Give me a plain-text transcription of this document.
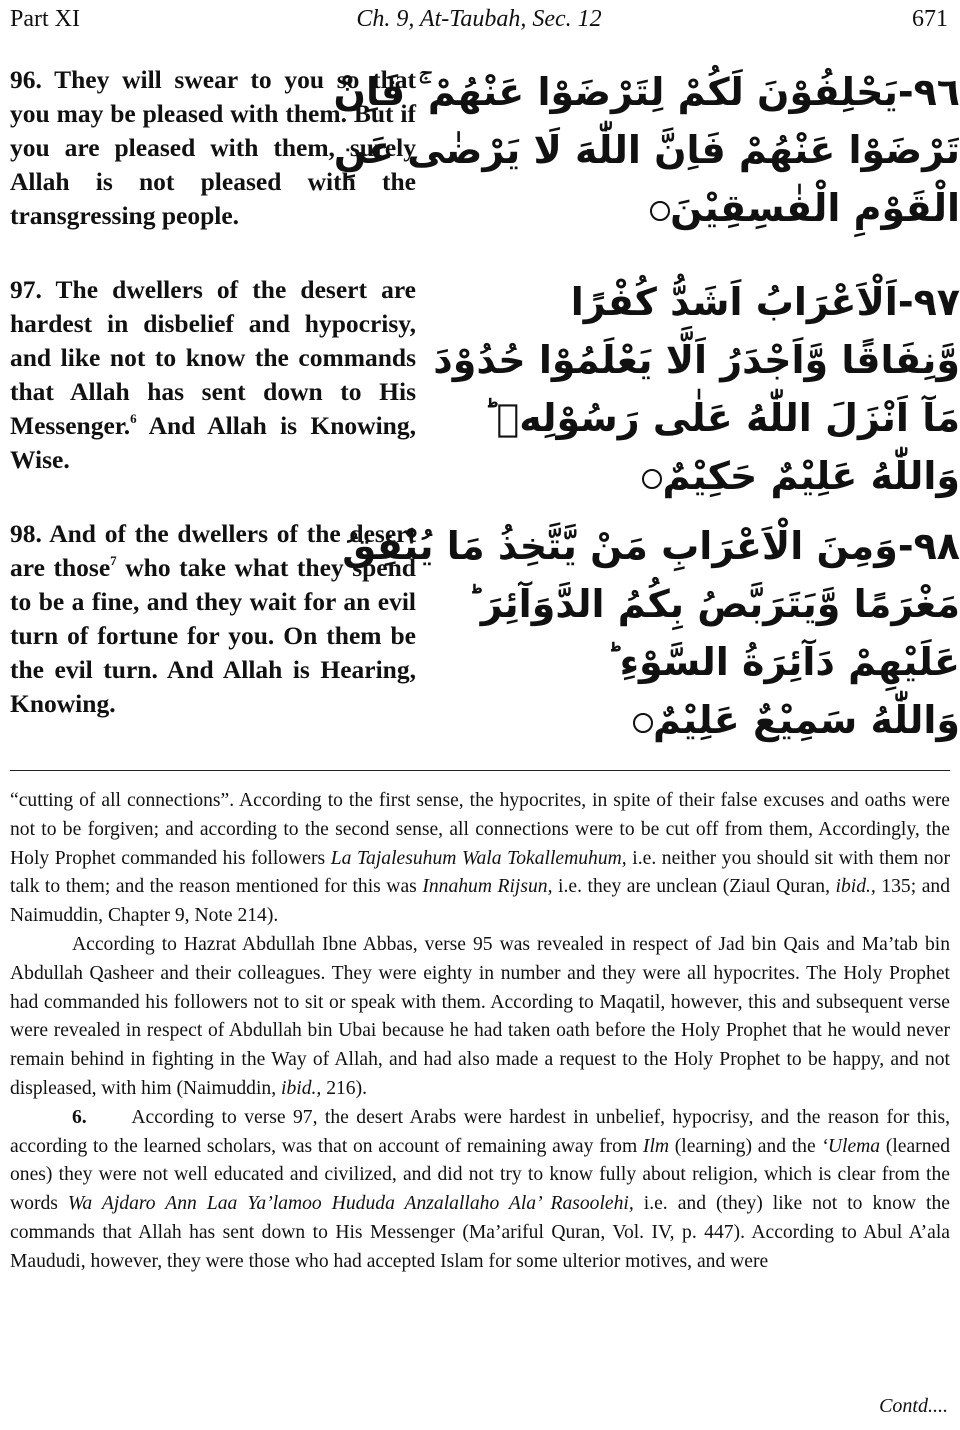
Part XI	Ch. 9, At-Taubah, Sec. 12	671
96. They will swear to you so that you may be pleased with them. But if you are pleased with them, surely Allah is not pleased with the transgressing people.
٩٦-يَحْلِفُوْنَ لَكُمْ لِتَرْضَوْا عَنْهُمْ ۚ فَاِنْ
تَرْضَوْا عَنْهُمْ فَاِنَّ اللّٰهَ لَا يَرْضٰى عَنِ
الْقَوْمِ الْفٰسِقِيْنَ
97. The dwellers of the desert are hardest in disbelief and hypocrisy, and like not to know the commands that Allah has sent down to His Messenger.$^6$ And Allah is Knowing, Wise.
٩٧-اَلْاَعْرَابُ اَشَدُّ كُفْرًا
وَّنِفَاقًا وَّاَجْدَرُ اَلَّا يَعْلَمُوْا حُدُوْدَ
مَآ اَنْزَلَ اللّٰهُ عَلٰى رَسُوْلِهٖ ؕ
وَاللّٰهُ عَلِيْمٌ حَكِيْمٌ
98. And of the dwellers of the desert are those$^7$ who take what they spend to be a fine, and they wait for an evil turn of fortune for you. On them be the evil turn. And Allah is Hearing, Knowing.
٩٨-وَمِنَ الْاَعْرَابِ مَنْ يَّتَّخِذُ مَا يُنْفِقُ
مَغْرَمًا وَّيَتَرَبَّصُ بِكُمُ الدَّوَآئِرَ ؕ
عَلَيْهِمْ دَآئِرَةُ السَّوْءِ ؕ
وَاللّٰهُ سَمِيْعٌ عَلِيْمٌ

“cutting of all connections”. According to the first sense, the hypocrites, in spite of their false excuses and oaths were not to be forgiven; and according to the second sense, all connections were to be cut off from them, Accordingly, the Holy Prophet commanded his followers La Tajalesuhum Wala Tokallemuhum, i.e. neither you should sit with them nor talk to them; and the reason mentioned for this was Innahum Rijsun, i.e. they are unclean (Ziaul Quran, ibid., 135; and Naimuddin, Chapter 9, Note 214).

According to Hazrat Abdullah Ibne Abbas, verse 95 was revealed in respect of Jad bin Qais and Ma’tab bin Abdullah Qasheer and their colleagues. They were eighty in number and they were all hypocrites. The Holy Prophet had commanded his followers not to sit or speak with them. According to Maqatil, however, this and subsequent verse were revealed in respect of Abdullah bin Ubai because he had taken oath before the Holy Prophet that he would never remain behind in fighting in the Way of Allah, and had also made a request to the Holy Prophet to be happy, and not displeased, with him (Naimuddin, ibid., 216).

6. According to verse 97, the desert Arabs were hardest in unbelief, hypocrisy, and the reason for this, according to the learned scholars, was that on account of remaining away from Ilm (learning) and the ‘Ulema (learned ones) they were not well educated and civilized, and did not try to know fully about religion, which is clear from the words Wa Ajdaro Ann Laa Ya’lamoo Hududa Anzalallaho Ala’ Rasoolehi, i.e. and (they) like not to know the commands that Allah has sent down to His Messenger (Ma’ariful Quran, Vol. IV, p. 447). According to Abul A’ala Maududi, however, they were those who had accepted Islam for some ulterior motives, and were

Contd....
